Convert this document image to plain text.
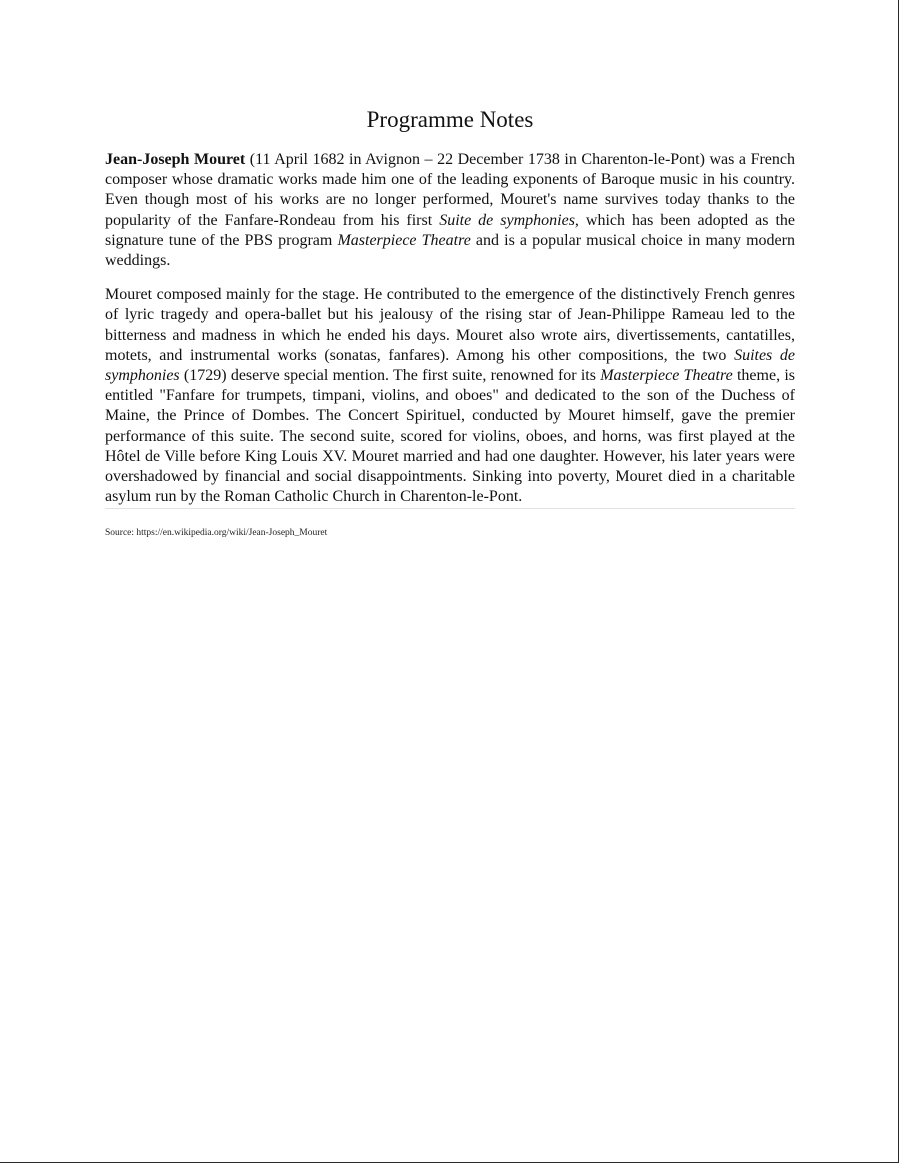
Programme Notes

Jean-Joseph Mouret (11 April 1682 in Avignon – 22 December 1738 in Charenton-le-Pont) was a French composer whose dramatic works made him one of the leading exponents of Baroque music in his country. Even though most of his works are no longer performed, Mouret's name survives today thanks to the popularity of the Fanfare-Rondeau from his first Suite de symphonies, which has been adopted as the signature tune of the PBS program Masterpiece Theatre and is a popular musical choice in many modern weddings.

Mouret composed mainly for the stage. He contributed to the emergence of the distinctively French genres of lyric tragedy and opera-ballet but his jealousy of the rising star of Jean-Philippe Rameau led to the bitterness and madness in which he ended his days. Mouret also wrote airs, divertissements, cantatilles, motets, and instrumental works (sonatas, fanfares). Among his other compositions, the two Suites de symphonies (1729) deserve special mention. The first suite, renowned for its Masterpiece Theatre theme, is entitled "Fanfare for trumpets, timpani, violins, and oboes" and dedicated to the son of the Duchess of Maine, the Prince of Dombes. The Concert Spirituel, conducted by Mouret himself, gave the premier performance of this suite. The second suite, scored for violins, oboes, and horns, was first played at the Hôtel de Ville before King Louis XV. Mouret married and had one daughter. However, his later years were overshadowed by financial and social disappointments. Sinking into poverty, Mouret died in a charitable asylum run by the Roman Catholic Church in Charenton-le-Pont.

Source: https://en.wikipedia.org/wiki/Jean-Joseph_Mouret
